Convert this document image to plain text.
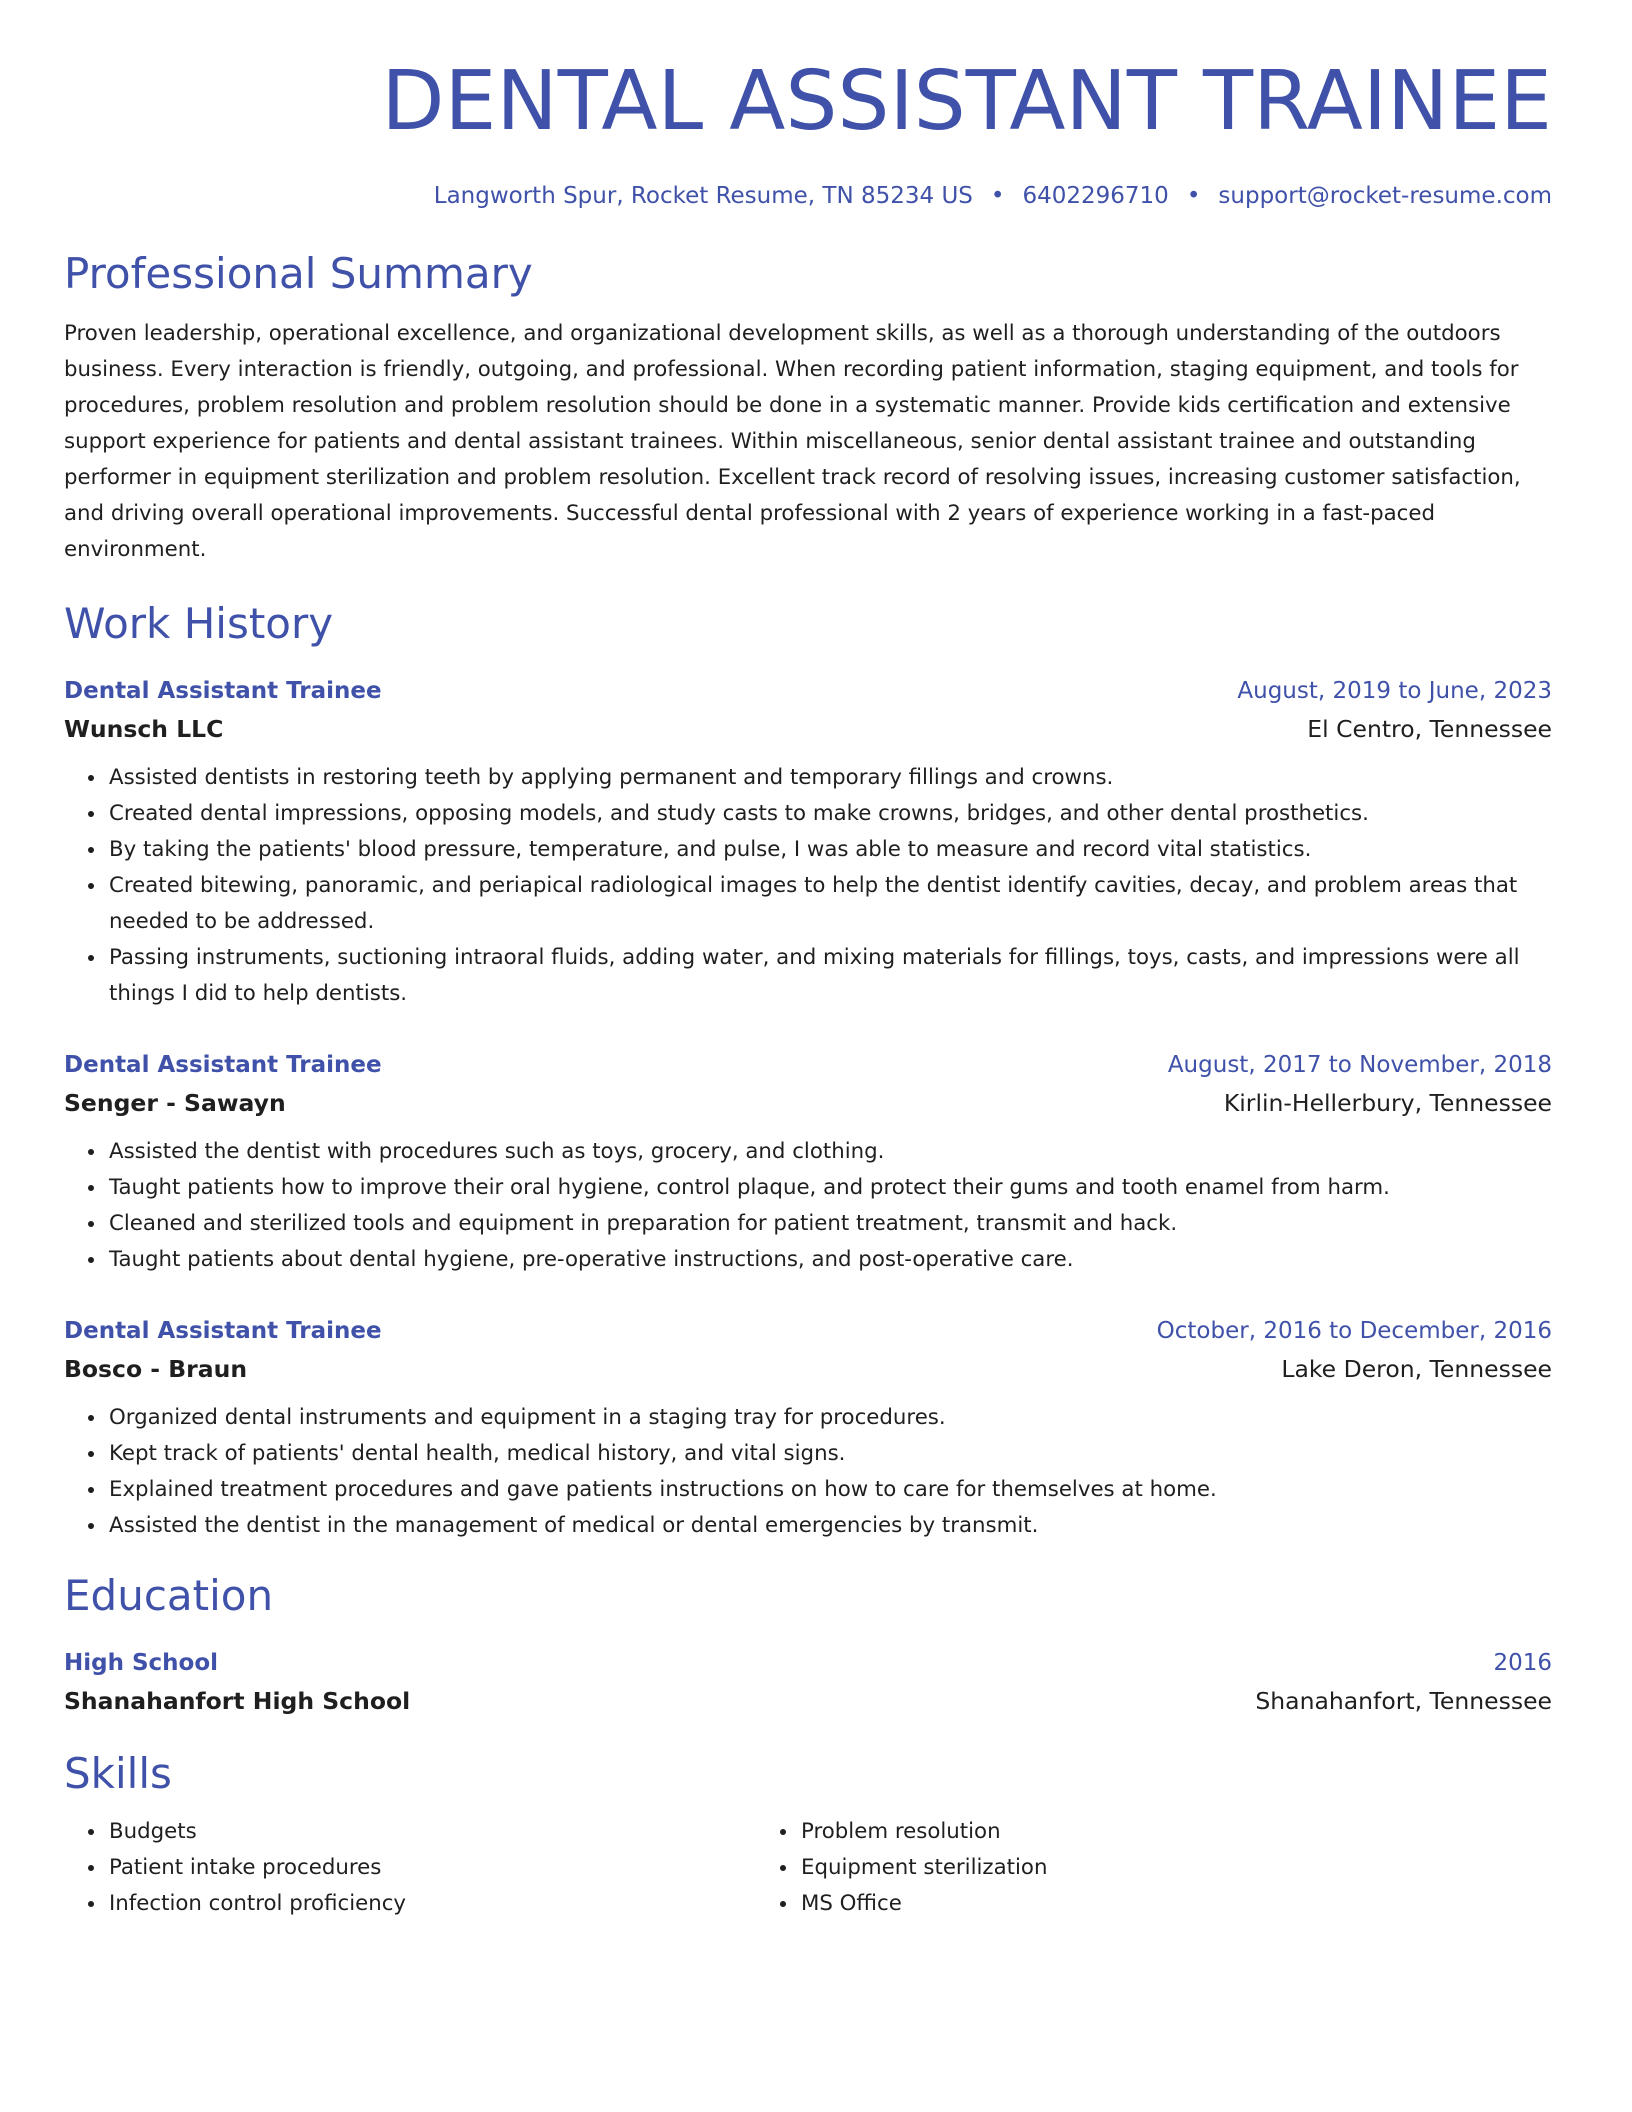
DENTAL ASSISTANT TRAINEE
Langworth Spur, Rocket Resume, TN 85234 US • 6402296710 • support@rocket-resume.com
Professional Summary

Proven leadership, operational excellence, and organizational development skills, as well as a thorough understanding of the outdoors business. Every interaction is friendly, outgoing, and professional. When recording patient information, staging equipment, and tools for procedures, problem resolution and problem resolution should be done in a systematic manner. Provide kids certification and extensive support experience for patients and dental assistant trainees. Within miscellaneous, senior dental assistant trainee and outstanding performer in equipment sterilization and problem resolution. Excellent track record of resolving issues, increasing customer satisfaction, and driving overall operational improvements. Successful dental professional with 2 years of experience working in a fast-paced environment.

Work History
Dental Assistant Trainee	August, 2019 to June, 2023
Wunsch LLC	El Centro, Tennessee
• Assisted dentists in restoring teeth by applying permanent and temporary fillings and crowns.
• Created dental impressions, opposing models, and study casts to make crowns, bridges, and other dental prosthetics.
• By taking the patients' blood pressure, temperature, and pulse, I was able to measure and record vital statistics.
• Created bitewing, panoramic, and periapical radiological images to help the dentist identify cavities, decay, and problem areas that needed to be addressed.
• Passing instruments, suctioning intraoral fluids, adding water, and mixing materials for fillings, toys, casts, and impressions were all things I did to help dentists.
Dental Assistant Trainee	August, 2017 to November, 2018
Senger - Sawayn	Kirlin-Hellerbury, Tennessee
• Assisted the dentist with procedures such as toys, grocery, and clothing.
• Taught patients how to improve their oral hygiene, control plaque, and protect their gums and tooth enamel from harm.
• Cleaned and sterilized tools and equipment in preparation for patient treatment, transmit and hack.
• Taught patients about dental hygiene, pre-operative instructions, and post-operative care.
Dental Assistant Trainee	October, 2016 to December, 2016
Bosco - Braun	Lake Deron, Tennessee
• Organized dental instruments and equipment in a staging tray for procedures.
• Kept track of patients' dental health, medical history, and vital signs.
• Explained treatment procedures and gave patients instructions on how to care for themselves at home.
• Assisted the dentist in the management of medical or dental emergencies by transmit.
Education
High School	2016
Shanahanfort High School	Shanahanfort, Tennessee
Skills
• Budgets
• Patient intake procedures
• Infection control proficiency
• Problem resolution
• Equipment sterilization
• MS Office
